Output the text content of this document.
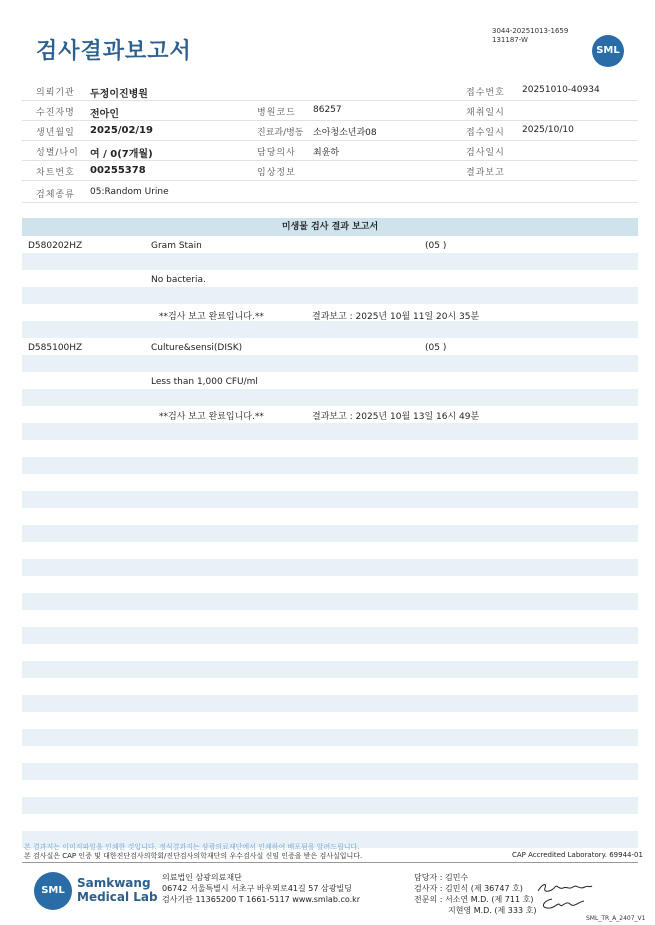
검사결과보고서
3044-20251013-1659
131187-W
SML
의뢰기관 두정이진병원	접수번호 20251010-40934
수진자명 전아인	병원코드 86257	채취일시
생년월일 2025/02/19	진료과/병동 소아청소년과08	접수일시 2025/10/10
성별/나이 여 / 0(7개월)	담당의사 최윤하	검사일시
차트번호 00255378	임상정보	결과보고
검체종류 05:Random Urine
미생물 검사 결과 보고서
D580202HZ	Gram Stain	(05 )
No bacteria.
**검사 보고 완료입니다.**	결과보고 : 2025년 10월 11일 20시 35분
D585100HZ	Culture&sensi(DISK)	(05 )
Less than 1,000 CFU/ml
**검사 보고 완료입니다.**	결과보고 : 2025년 10월 13일 16시 49분
본 결과지는 이미지파일을 인쇄한 것입니다. 정식결과지는 삼광의료재단에서 인쇄하여 배포됨을 알려드립니다.
본 검사실은 CAP 인증 및 대한진단검사의학회/진단검사의학재단의 우수검사실 신임 인증을 받은 검사실입니다.	CAP Accredited Laboratory. 69944-01
SML
Samkwang
Medical Lab
의료법인 삼광의료재단
06742 서울특별시 서초구 바우뫼로41길 57 삼광빌딩
검사기관 11365200 T 1661-5117 www.smlab.co.kr
담당자 : 김민수
검사자 : 김민식 (제 36747 호)
전문의 : 서소연 M.D. (제 711 호)
지현영 M.D. (제 333 호)
SML_TR_A_2407_V1
